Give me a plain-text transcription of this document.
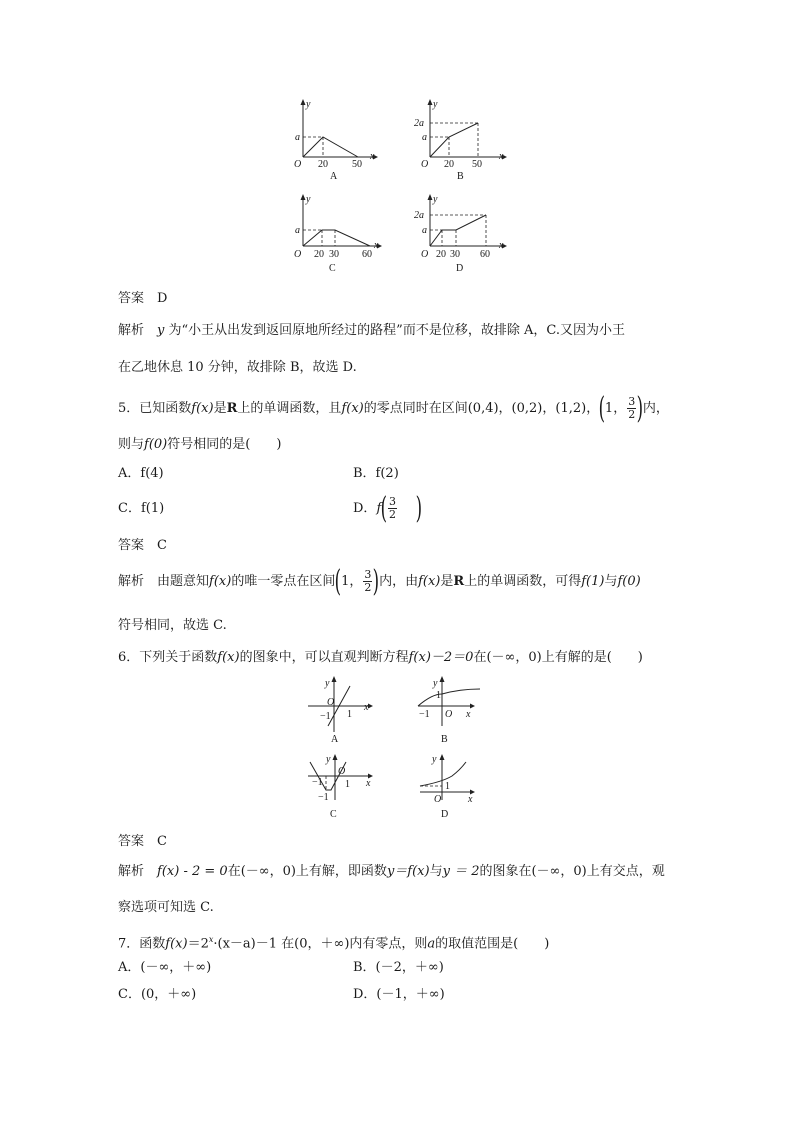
y
x
O
a
20 50
A
y
x
O
a
2a
20 50
B
y
x
O
a
20 30 60
C
y
x
O
a
2a
20 30 60
D
答案　 D
解析　 y 为“小王从出发到返回原地所经过的路程”而不是位移，故排除 A，C.又因为小王
在乙地休息 10 分钟，故排除 B，故选 D.
5．已知函数f(x)是R上的单调函数，且f(x)的零点同时在区间(0,4)，(0,2)，(1,2)，(1， $\frac{3}{2}$ )内，
则与f(0)符号相同的是(　　)
A．f(4)	B．f(2)
C．f(1)	D．$f( \frac{3}{2}$ )
答案　 C
解析　 由题意知f(x)的唯一零点在区间(1， $\frac{3}{2}$ )内，由f(x)是R上的单调函数，可得f(1)与f(0)
符号相同，故选 C.
6．下列关于函数f(x)的图象中，可以直观判断方程f(x)－2＝0在(－∞，0)上有解的是(　　)
y
x
O
1
−1
A
y
x
O
1
−1
B
y
x
O
1
−1
−1
C
y
x
O
1
D
答案　 C
解析　 f(x) - 2 = 0在(－∞，0)上有解，即函数y＝f(x)与y ＝ 2的图象在(－∞，0)上有交点，观
察选项可知选 C.
7．函数$f(x)=2^x\cdot(x-a)-1$ 在(0，＋∞)内有零点，则a的取值范围是(　　)
A．(－∞，＋∞)	B．(－2，＋∞)
C．(0，＋∞)	D．(－1，＋∞)
